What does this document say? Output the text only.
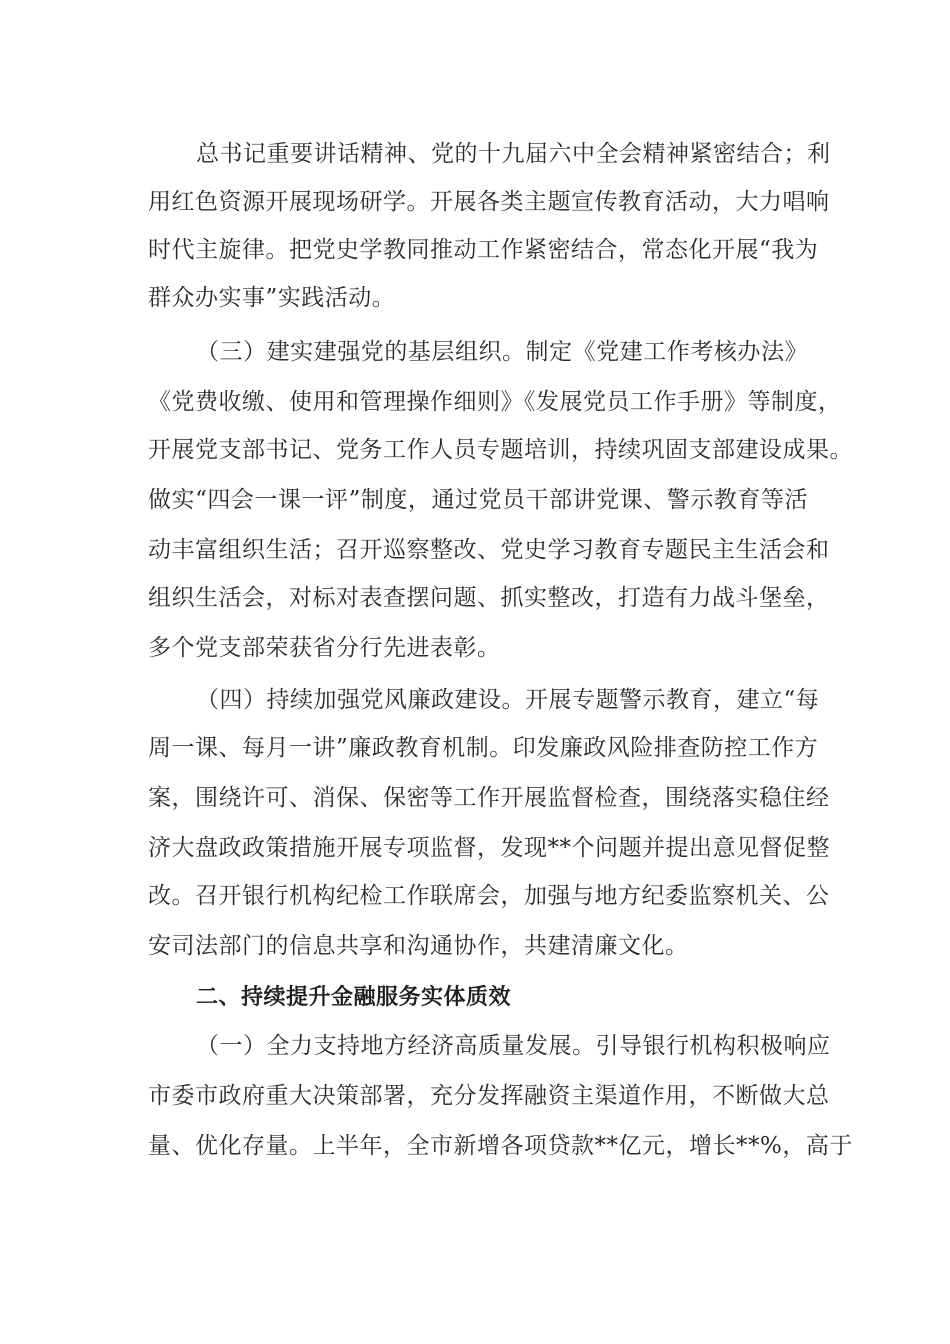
总书记重要讲话精神、党的十九届六中全会精神紧密结合；利
用红色资源开展现场研学。开展各类主题宣传教育活动，大力唱响
时代主旋律。把党史学教同推动工作紧密结合，常态化开展“我为
群众办实事”实践活动。
（三）建实建强党的基层组织。制定《党建工作考核办法》
《党费收缴、使用和管理操作细则》《发展党员工作手册》等制度，
开展党支部书记、党务工作人员专题培训，持续巩固支部建设成果。
做实“四会一课一评”制度，通过党员干部讲党课、警示教育等活
动丰富组织生活；召开巡察整改、党史学习教育专题民主生活会和
组织生活会，对标对表查摆问题、抓实整改，打造有力战斗堡垒，
多个党支部荣获省分行先进表彰。
（四）持续加强党风廉政建设。开展专题警示教育，建立“每
周一课、每月一讲”廉政教育机制。印发廉政风险排查防控工作方
案，围绕许可、消保、保密等工作开展监督检查，围绕落实稳住经
济大盘政政策措施开展专项监督，发现**个问题并提出意见督促整
改。召开银行机构纪检工作联席会，加强与地方纪委监察机关、公
安司法部门的信息共享和沟通协作，共建清廉文化。
二、持续提升金融服务实体质效
（一）全力支持地方经济高质量发展。引导银行机构积极响应
市委市政府重大决策部署，充分发挥融资主渠道作用，不断做大总
量、优化存量。上半年，全市新增各项贷款**亿元，增长**%，高于
